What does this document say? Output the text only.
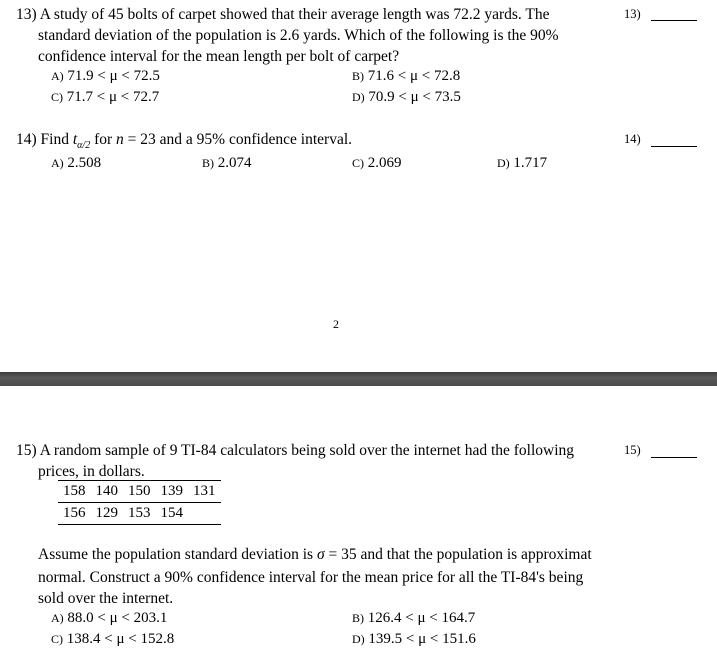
13) A study of 45 bolts of carpet showed that their average length was 72.2 yards. The
standard deviation of the population is 2.6 yards. Which of the following is the 90%
confidence interval for the mean length per bolt of carpet?
A) 71.9 < μ < 72.5	B) 71.6 < μ < 72.8
C) 71.7 < μ < 72.7	D) 70.9 < μ < 73.5
13)
14) Find $t_{\alpha/2}$ for n = 23 and a 95% confidence interval.
A) 2.508	B) 2.074	C) 2.069	D) 1.717
14)
2
15) A random sample of 9 TI-84 calculators being sold over the internet had the following
prices, in dollars.
158	140	150	139	131
156	129	153	154	
Assume the population standard deviation is σ = 35 and that the population is approximat
normal. Construct a 90% confidence interval for the mean price for all the TI-84's being
sold over the internet.
A) 88.0 < μ < 203.1	B) 126.4 < μ < 164.7
C) 138.4 < μ < 152.8	D) 139.5 < μ < 151.6
15)
